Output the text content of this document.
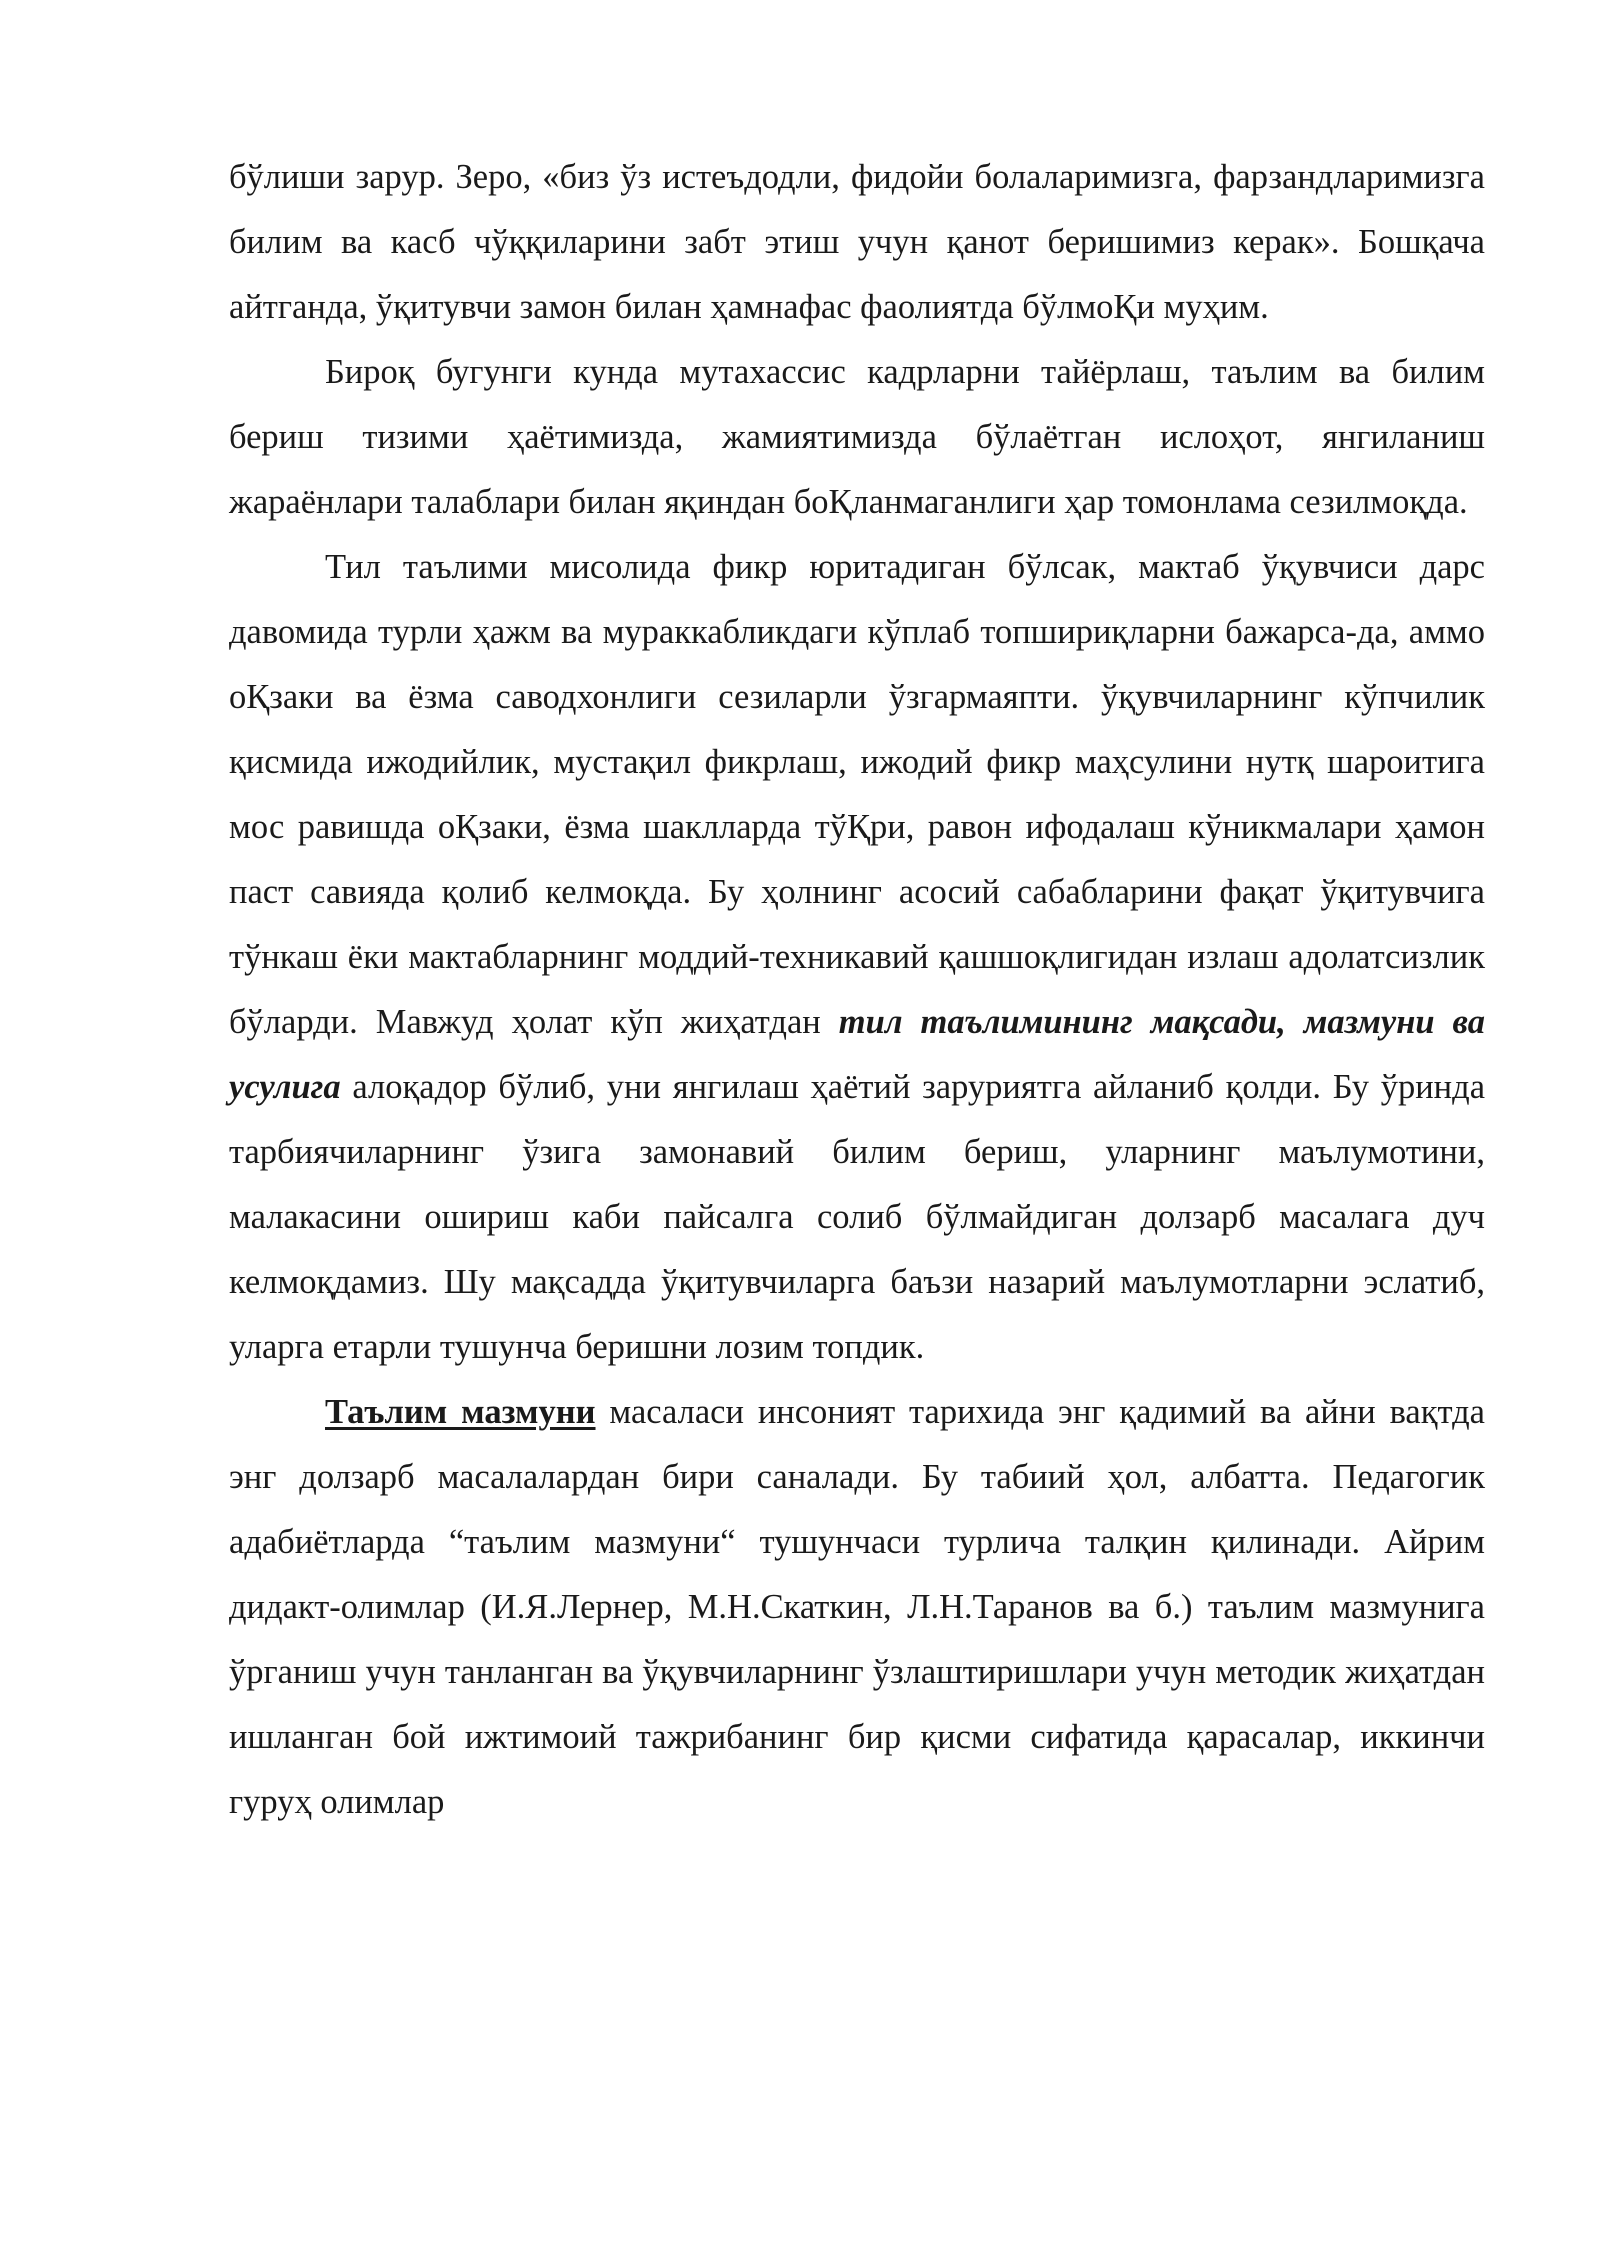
бўлиши зарур. Зеро, «биз ўз истеъдодли, фидойи болаларимизга, фарзандларимизга билим ва касб чўққиларини забт этиш учун қанот беришимиз керак». Бошқача айтганда, ўқитувчи замон билан ҳамнафас фаолиятда бўлмоҚи муҳим.

Бироқ бугунги кунда мутахассис кадрларни тайёрлаш, таълим ва билим бериш тизими ҳаётимизда, жамиятимизда бўлаётган ислоҳот, янгиланиш жараёнлари талаблари билан яқиндан боҚланмаганлиги ҳар томонлама сезилмоқда.

Тил таълими мисолида фикр юритадиган бўлсак, мактаб ўқувчиси дарс давомида турли ҳажм ва мураккабликдаги кўплаб топшириқларни бажарса-да, аммо оҚзаки ва ёзма саводхонлиги сезиларли ўзгармаяпти. ўқувчиларнинг кўпчилик қисмида ижодийлик, мустақил фикрлаш, ижодий фикр маҳсулини нутқ шароитига мос равишда оҚзаки, ёзма шаклларда тўҚри, равон ифодалаш кўникмалари ҳамон паст савияда қолиб келмоқда. Бу ҳолнинг асосий сабабларини фақат ўқитувчига тўнкаш ёки мактабларнинг моддий-техникавий қашшоқлигидан излаш адолатсизлик бўларди. Мавжуд ҳолат кўп жиҳатдан тил таълимининг мақсади, мазмуни ва усулига алоқадор бўлиб, уни янгилаш ҳаётий заруриятга айланиб қолди. Бу ўринда тарбиячиларнинг ўзига замонавий билим бериш, уларнинг маълумотини, малакасини ошириш каби пайсалга солиб бўлмайдиган долзарб масалага дуч келмоқдамиз. Шу мақсадда ўқитувчиларга баъзи назарий маълумотларни эслатиб, уларга етарли тушунча беришни лозим топдик.

Таълим мазмуни масаласи инсоният тарихида энг қадимий ва айни вақтда энг долзарб масалалардан бири саналади. Бу табиий ҳол, албатта. Педагогик адабиётларда “таълим мазмуни“ тушунчаси турлича талқин қилинади. Айрим дидакт-олимлар (И.Я.Лернер, М.Н.Скаткин, Л.Н.Таранов ва б.) таълим мазмунига ўрганиш учун танланган ва ўқувчиларнинг ўзлаштиришлари учун методик жиҳатдан ишланган бой ижтимоий тажрибанинг бир қисми сифатида қарасалар, иккинчи гуруҳ олимлар
